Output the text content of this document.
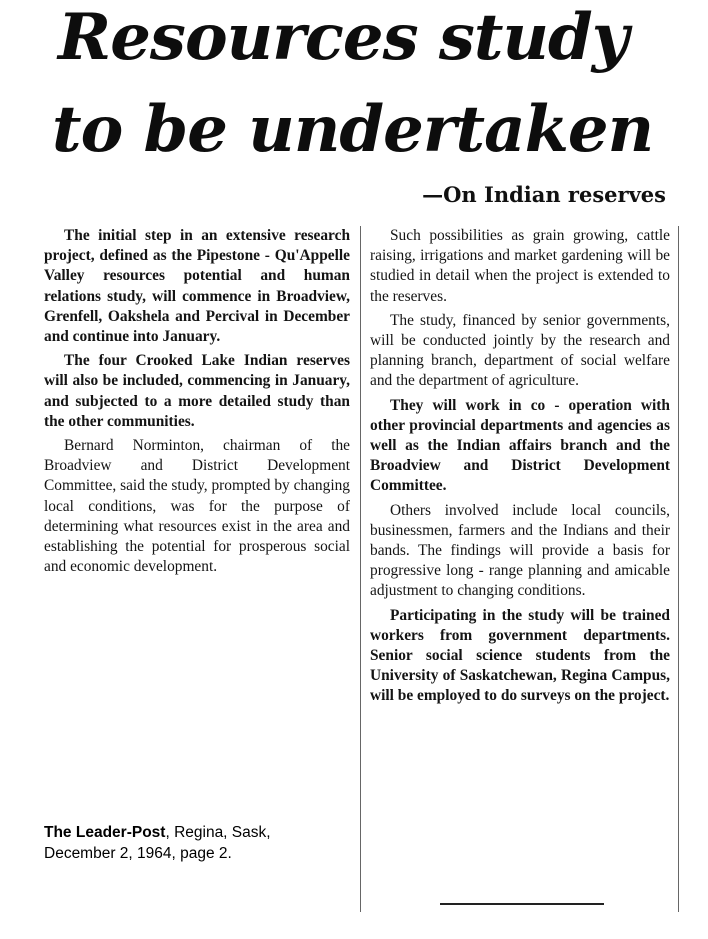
Resources study
to be undertaken
—On Indian reserves

The initial step in an extensive research project, defined as the Pipestone - Qu'Appelle Valley resources potential and human relations study, will commence in Broadview, Grenfell, Oakshela and Percival in December and continue into January.

The four Crooked Lake Indian reserves will also be included, commencing in January, and subjected to a more detailed study than the other communities.

Bernard Norminton, chairman of the Broadview and District Development Committee, said the study, prompted by changing local conditions, was for the purpose of determining what resources exist in the area and establishing the potential for prosperous social and economic development.

Such possibilities as grain growing, cattle raising, irrigations and market gardening will be studied in detail when the project is extended to the reserves.

The study, financed by senior governments, will be conducted jointly by the research and planning branch, department of social welfare and the department of agriculture.

They will work in co - operation with other provincial departments and agencies as well as the Indian affairs branch and the Broadview and District Development Committee.

Others involved include local councils, businessmen, farmers and the Indians and their bands. The findings will provide a basis for progressive long - range planning and amicable adjustment to changing conditions.

Participating in the study will be trained workers from government departments. Senior social science students from the University of Saskatchewan, Regina Campus, will be employed to do surveys on the project.

The Leader-Post, Regina, Sask,
December 2, 1964, page 2.
